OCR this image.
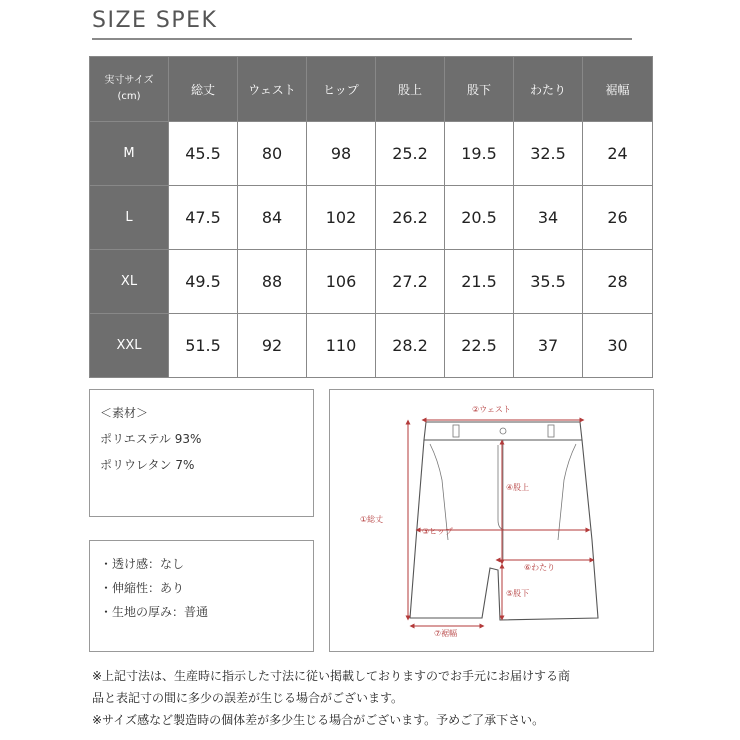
SIZE SPEK
実寸サイズ
(cm)	総丈	ウェスト	ヒップ	股上	股下	わたり	裾幅
M	45.5	80	98	25.2	19.5	32.5	24
L	47.5	84	102	26.2	20.5	34	26
XL	49.5	88	106	27.2	21.5	35.5	28
XXL	51.5	92	110	28.2	22.5	37	30
＜素材＞
ポリエステル 93%
ポリウレタン 7%
・透け感：なし
・伸縮性：あり
・生地の厚み：普通
②ウェスト
①総丈
③ヒップ
④股上
⑥わたり
⑤股下
⑦裾幅
※上記寸法は、生産時に指示した寸法に従い掲載しておりますのでお手元にお届けする商
品と表記寸の間に多少の誤差が生じる場合がございます。
※サイズ感など製造時の個体差が多少生じる場合がございます。予めご了承下さい。
